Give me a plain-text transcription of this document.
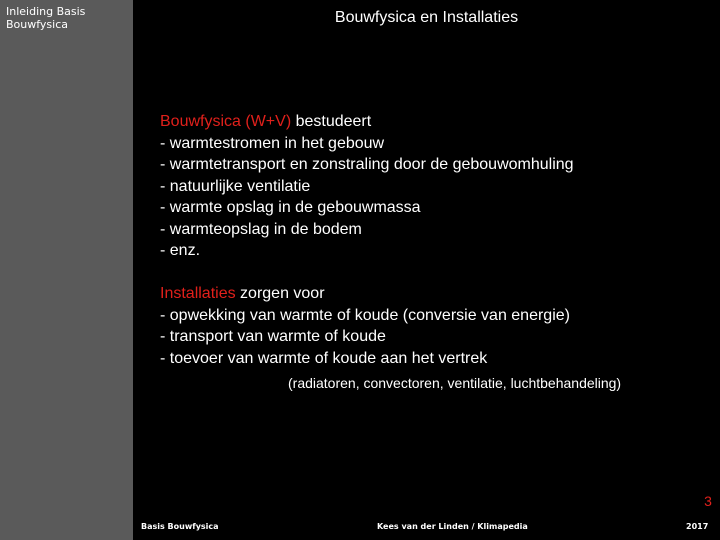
Inleiding Basis
Bouwfysica	Bouwfysica en Installaties
Bouwfysica (W+V) bestudeert
- warmtestromen in het gebouw
- warmtetransport en zonstraling door de gebouwomhuling
- natuurlijke ventilatie
- warmte opslag in de gebouwmassa
- warmteopslag in de bodem
- enz.
Installaties zorgen voor
- opwekking van warmte of koude (conversie van energie)
- transport van warmte of koude
- toevoer van warmte of koude aan het vertrek
(radiatoren, convectoren, ventilatie, luchtbehandeling)
3
Basis Bouwfysica	Kees van der Linden / Klimapedia	2017
